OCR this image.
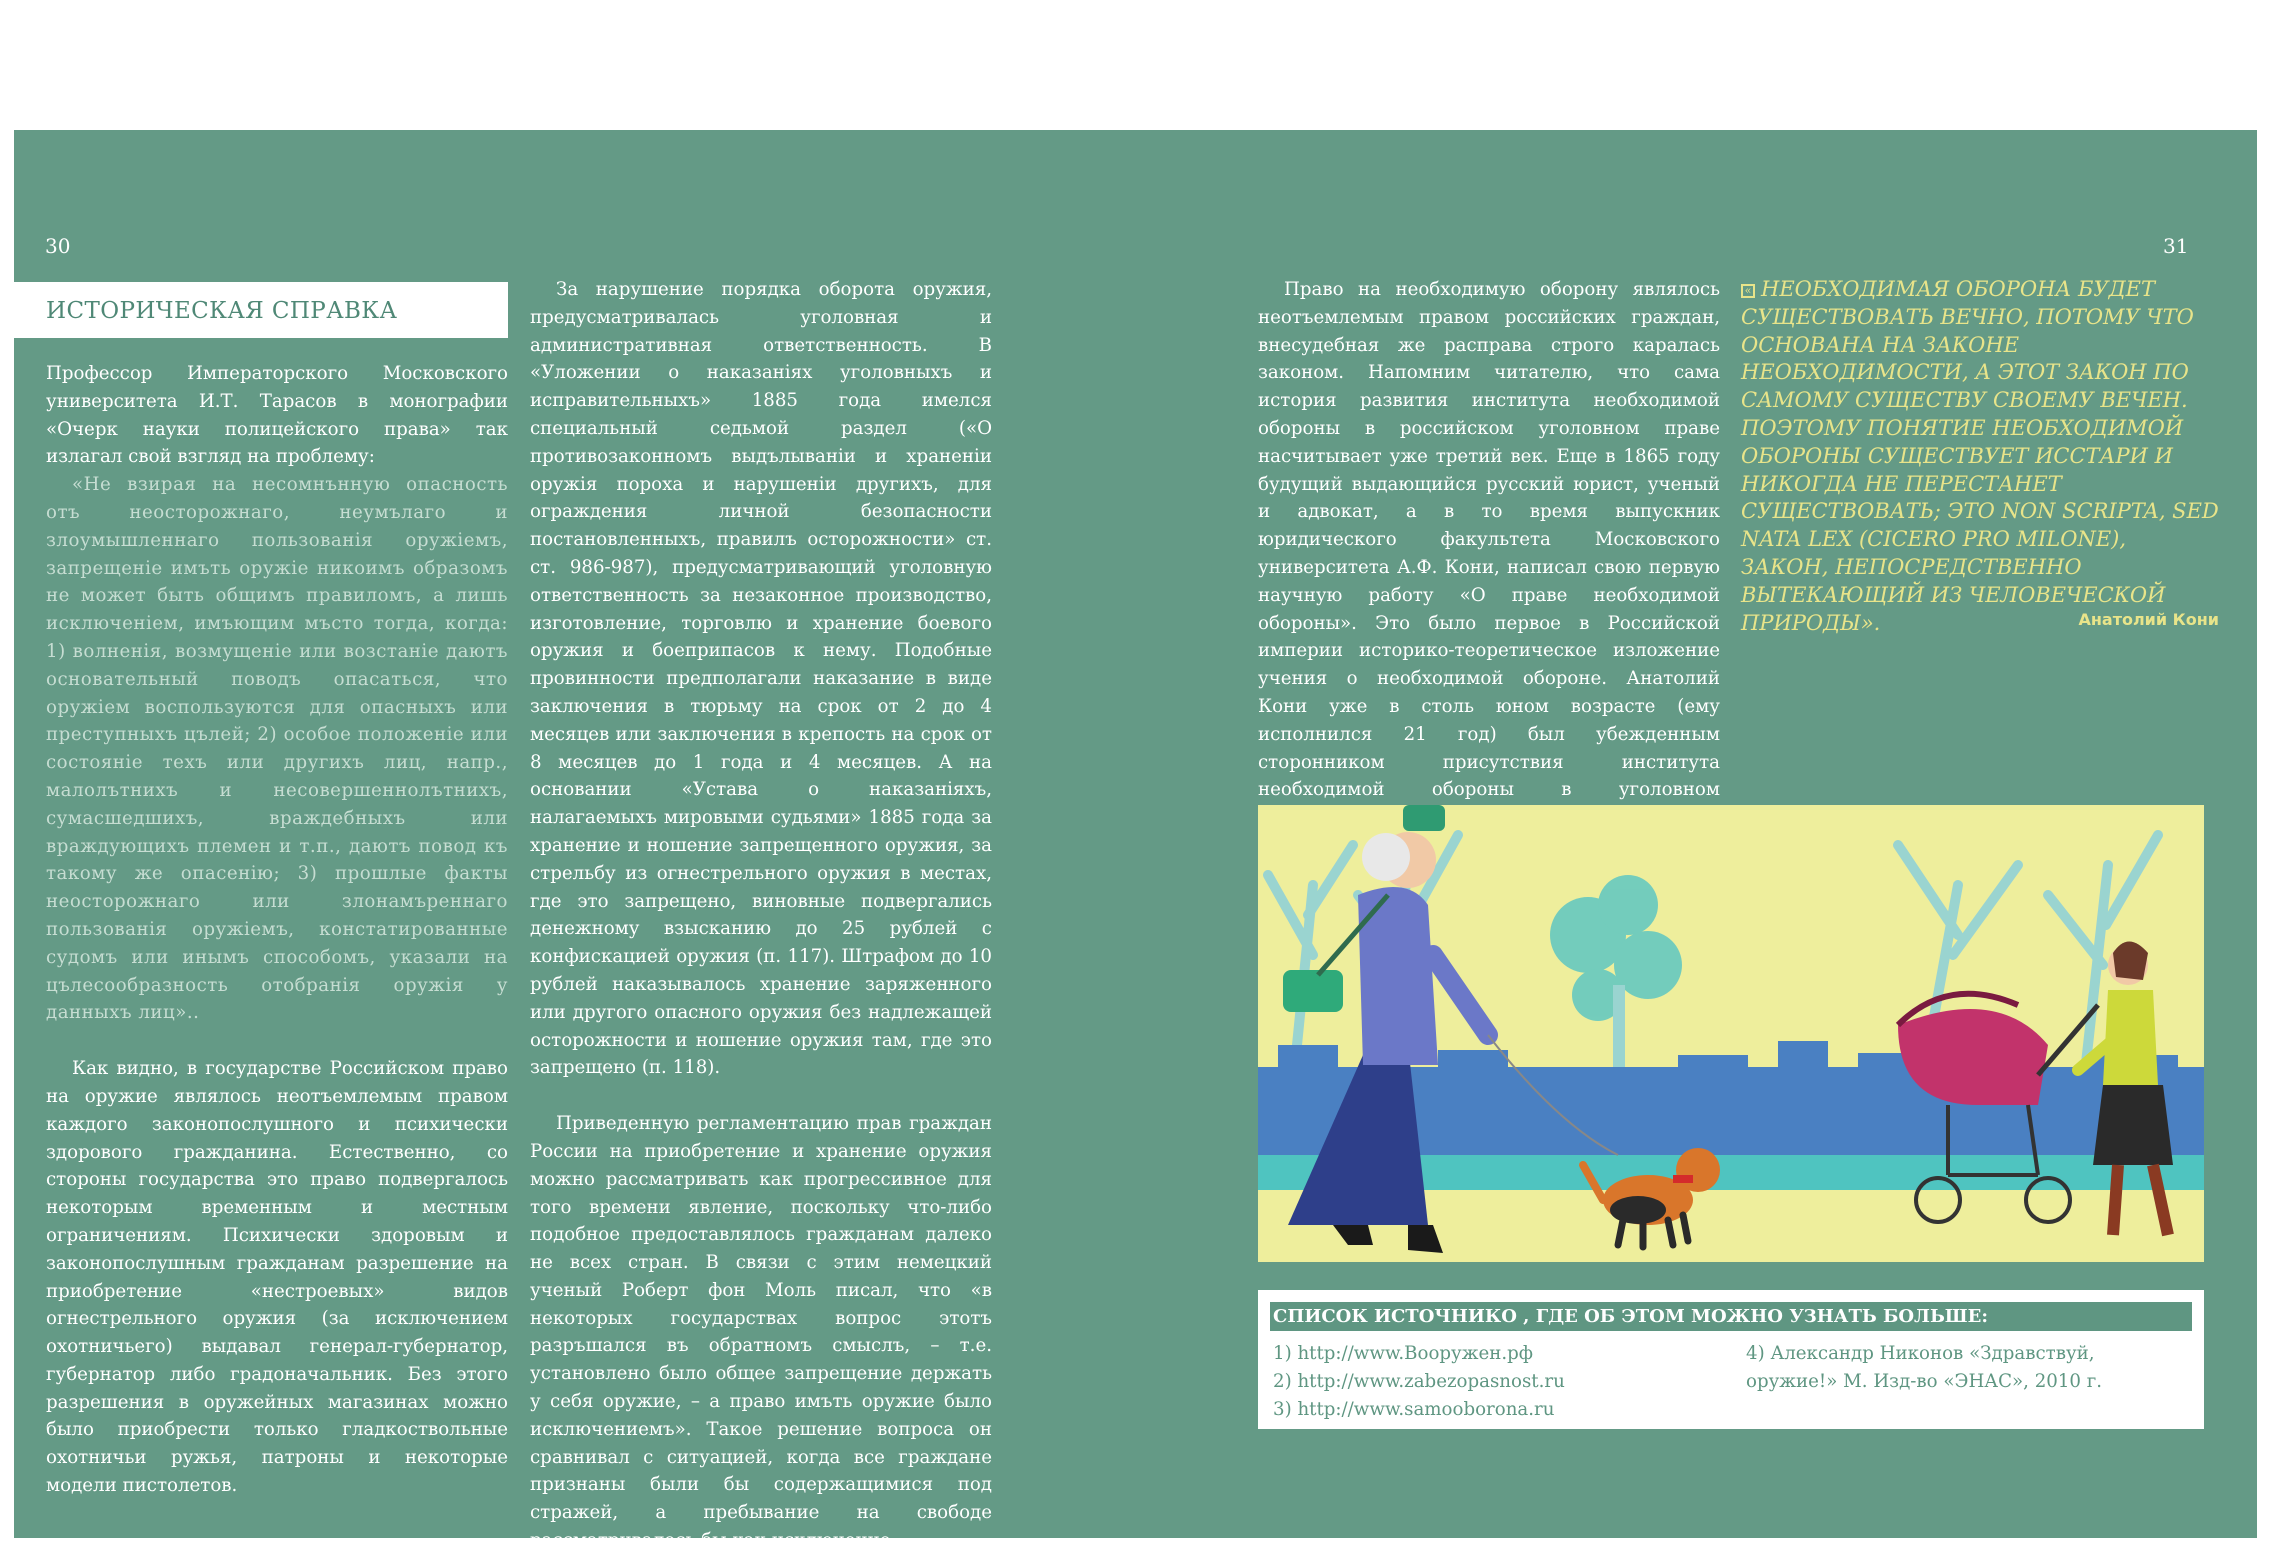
30	31
ИСТОРИЧЕСКАЯ СПРАВКА

Профессор Императорского Московского университета И.Т. Тарасов в монографии «Очерк науки полицейского права» так излагал свой взгляд на проблему:

«Не взирая на несомнънную опасность отъ неосторожнаго, неумълаго и злоумышленнаго пользованія оружіемъ, запрещеніе имъть оружіе никоимъ образомъ не может быть общимъ правиломъ, а лишь исключеніем, имъющим мъсто тогда, когда: 1) волненія, возмущеніе или возстаніе даютъ основательный поводъ опасаться, что оружіем воспользуются для опасныхъ или преступныхъ цълей; 2) особое положеніе или состояніе техъ или другихъ лиц, напр., малолътнихъ и несовершеннолътнихъ, сумасшедшихъ, враждебныхъ или враждующихъ племен и т.п., даютъ повод къ такому же опасенію; 3) прошлые факты неосторожнаго или злонамъреннаго пользованія оружіемъ, констатированные судомъ или инымъ способомъ, указали на цълесообразность отобранія оружія у данныхъ лиц»..

Как видно, в государстве Российском право на оружие являлось неотъемлемым правом каждого законопослушного и психически здорового гражданина. Естественно, со стороны государства это право подвергалось некоторым временным и местным ограничениям. Психически здоровым и законопослушным гражданам разрешение на приобретение «нестроевых» видов огнестрельного оружия (за исключением охотничьего) выдавал генерал-губернатор, губернатор либо градоначальник. Без этого разрешения в оружейных магазинах можно было приобрести только гладкоствольные охотничьи ружья, патроны и некоторые модели пистолетов.

За нарушение порядка оборота оружия, предусматривалась уголовная и административная ответственность. В «Уложении о наказаніях уголовныхъ и исправительныхъ» 1885 года имелся специальный седьмой раздел («О противозаконномъ выдълываніи и храненіи оружія пороха и нарушеніи другихъ, для ограждения личной безопасности постановленныхъ, правилъ осторожности» ст. ст. 986-987), предусматривающий уголовную ответственность за незаконное производство, изготовление, торговлю и хранение боевого оружия и боеприпасов к нему. Подобные провинности предполагали наказание в виде заключения в тюрьму на срок от 2 до 4 месяцев или заключения в крепость на срок от 8 месяцев до 1 года и 4 месяцев. А на основании «Устава о наказаніяхъ, налагаемыхъ мировыми судьями» 1885 года за хранение и ношение запрещенного оружия, за стрельбу из огнестрельного оружия в местах, где это запрещено, виновные подвергались денежному взысканию до 25 рублей с конфискацией оружия (п. 117). Штрафом до 10 рублей наказывалось хранение заряженного или другого опасного оружия без надлежащей осторожности и ношение оружия там, где это запрещено (п. 118).

Приведенную регламентацию прав граждан России на приобретение и хранение оружия можно рассматривать как прогрессивное для того времени явление, поскольку что-либо подобное предоставлялось гражданам далеко не всех стран. В связи с этим немецкий ученый Роберт фон Моль писал, что «в некоторых государствах вопрос этотъ разръшался въ обратномъ смыслъ, – т.е. установлено было общее запрещение держать у себя оружие, – а право имъть оружие было исключениемъ». Такое решение вопроса он сравнивал с ситуацией, когда все граждане признаны были бы содержащимися под стражей, а пребывание на свободе рассматривалось бы как исключение.

Право на необходимую оборону являлось неотъемлемым правом российских граждан, внесудебная же расправа строго каралась законом. Напомним читателю, что сама история развития института необходимой обороны в российском уголовном праве насчитывает уже третий век. Еще в 1865 году будущий выдающийся русский юрист, ученый и адвокат, а в то время выпускник юридического факультета Московского университета А.Ф. Кони, написал свою первую научную работу «О праве необходимой обороны». Это было первое в Российской империи историко-теоретическое изложение учения о необходимой обороне. Анатолий Кони уже в столь юном возрасте (ему исполнился 21 год) был убежденным сторонником присутствия института необходимой обороны в уголовном

« НЕОБХОДИМАЯ ОБОРОНА БУДЕТ СУЩЕСТВОВАТЬ ВЕЧНО, ПОТОМУ ЧТО ОСНОВАНА НА ЗАКОНЕ НЕОБХОДИМОСТИ, А ЭТОТ ЗАКОН ПО САМОМУ СУЩЕСТВУ СВОЕМУ ВЕЧЕН. ПОЭТОМУ ПОНЯТИЕ НЕОБХОДИМОЙ ОБОРОНЫ СУЩЕСТВУЕТ ИССТАРИ И НИКОГДА НЕ ПЕРЕСТАНЕТ СУЩЕСТВОВАТЬ; ЭТО NON SCRIPTA, SED NATA LEX (CICERO PRO MILONE), ЗАКОН, НЕПОСРЕДСТВЕННО ВЫТЕКАЮЩИЙ ИЗ ЧЕЛОВЕЧЕСКОЙ ПРИРОДЫ».	Анатолий Кони
СПИСОК ИСТОЧНИКО , ГДЕ ОБ ЭТОМ МОЖНО УЗНАТЬ БОЛЬШЕ:
1) http://www.Вооружен.рф
2) http://www.zabezopasnost.ru
3) http://www.samooborona.ru
4) Александр Никонов «Здравствуй, оружие!» М. Изд-во «ЭНАС», 2010 г.
